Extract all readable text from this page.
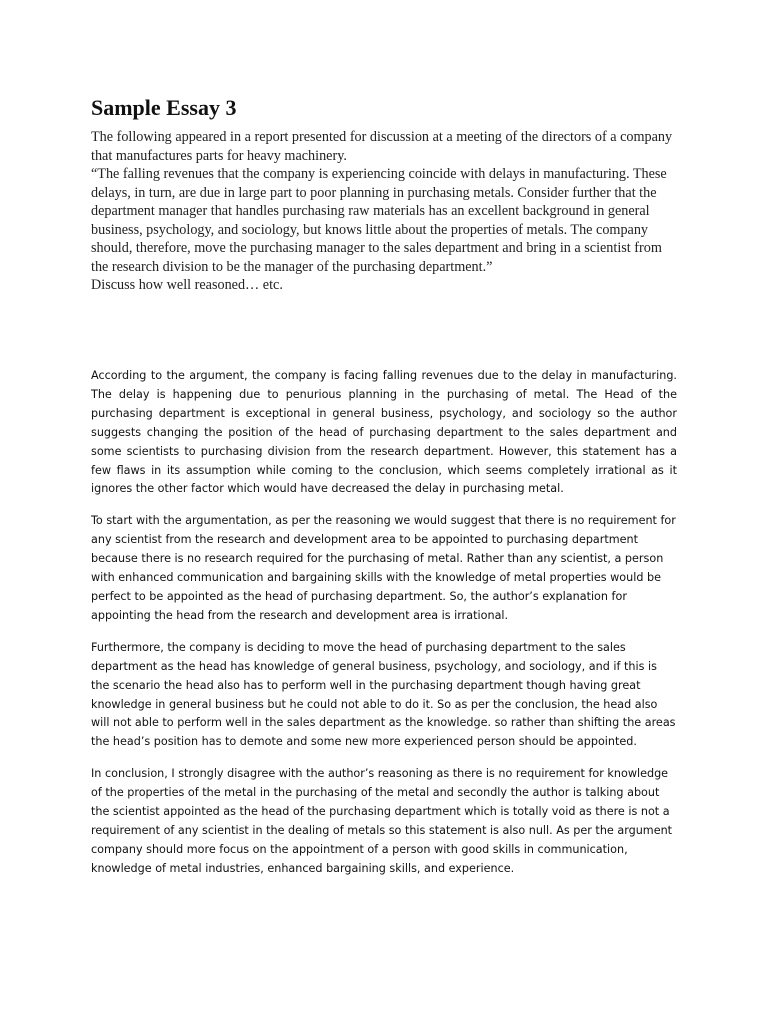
Sample Essay 3

The following appeared in a report presented for discussion at a meeting of the directors of a company that manufactures parts for heavy machinery.

“The falling revenues that the company is experiencing coincide with delays in manufacturing. These delays, in turn, are due in large part to poor planning in purchasing metals. Consider further that the department manager that handles purchasing raw materials has an excellent background in general business, psychology, and sociology, but knows little about the properties of metals. The company should, therefore, move the purchasing manager to the sales department and bring in a scientist from the research division to be the manager of the purchasing department.”

Discuss how well reasoned… etc.

According to the argument, the company is facing falling revenues due to the delay in manufacturing. The delay is happening due to penurious planning in the purchasing of metal. The Head of the purchasing department is exceptional in general business, psychology, and sociology so the author suggests changing the position of the head of purchasing department to the sales department and some scientists to purchasing division from the research department. However, this statement has a few flaws in its assumption while coming to the conclusion, which seems completely irrational as it ignores the other factor which would have decreased the delay in purchasing metal.

To start with the argumentation, as per the reasoning we would suggest that there is no requirement for any scientist from the research and development area to be appointed to purchasing department because there is no research required for the purchasing of metal. Rather than any scientist, a person with enhanced communication and bargaining skills with the knowledge of metal properties would be perfect to be appointed as the head of purchasing department. So, the author’s explanation for appointing the head from the research and development area is irrational.

Furthermore, the company is deciding to move the head of purchasing department to the sales department as the head has knowledge of general business, psychology, and sociology, and if this is the scenario the head also has to perform well in the purchasing department though having great knowledge in general business but he could not able to do it. So as per the conclusion, the head also will not able to perform well in the sales department as the knowledge. so rather than shifting the areas the head’s position has to demote and some new more experienced person should be appointed.

In conclusion, I strongly disagree with the author’s reasoning as there is no requirement for knowledge of the properties of the metal in the purchasing of the metal and secondly the author is talking about the scientist appointed as the head of the purchasing department which is totally void as there is not a requirement of any scientist in the dealing of metals so this statement is also null. As per the argument company should more focus on the appointment of a person with good skills in communication, knowledge of metal industries, enhanced bargaining skills, and experience.
